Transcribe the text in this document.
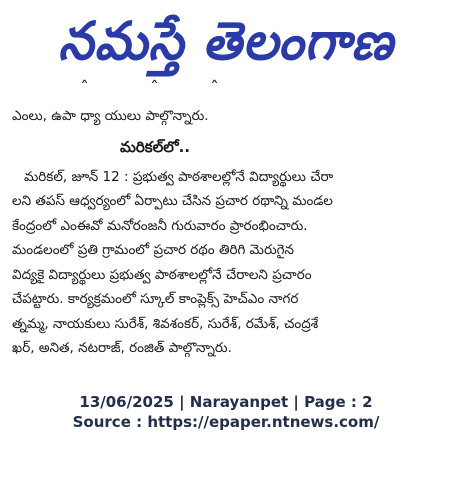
నమస్తే తెలంగాణ
ˆ	ˆ	ˆ
ఎంలు, ఉపా ధ్యా యులు పాల్గొన్నారు.
మరికల్‌లో..
మరికల్‌, జూన్‌ 12 : ప్రభుత్వ పాఠశాలల్లోనే విద్యార్థులు చేరా
లని తపస్‌ ఆధ్వర్యంలో ఏర్పాటు చేసిన ప్రచార రథాన్ని మండల
కేంద్రంలో ఎంఈవో మనోరంజనీ గురువారం ప్రారంభించారు.
మండలంలో ప్రతి గ్రామంలో ప్రచార రథం తిరిగి మెరుగైన
విద్యకై విద్యార్థులు ప్రభుత్వ పాఠశాలల్లోనే చేరాలని ప్రచారం
చేపట్టారు. కార్యక్రమంలో స్కూల్‌ కాంప్లెక్స్‌ హెచ్‌ఎం నాగర
త్నమ్మ, నాయకులు సురేశ్‌, శివశంకర్‌, సురేశ్‌, రమేశ్‌, చంద్రశే
ఖర్‌, అనిత, నటరాజ్‌, రంజిత్‌ పాల్గొన్నారు.
13/06/2025 | Narayanpet | Page : 2
Source : https://epaper.ntnews.com/
